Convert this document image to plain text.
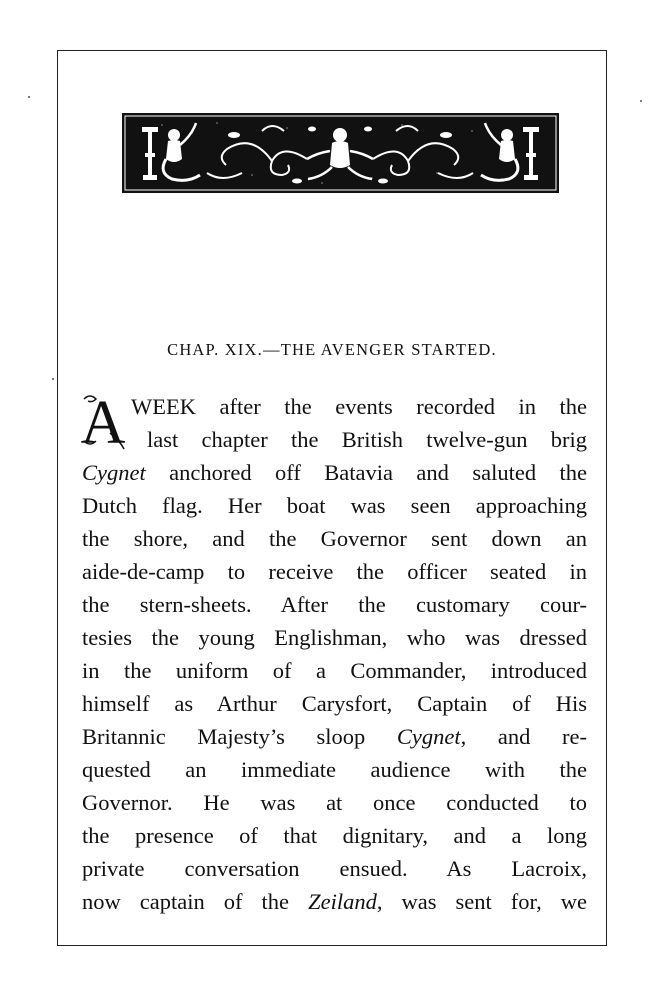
CHAP. XIX.—THE AVENGER STARTED.
A WEEK after the events recorded in the
last chapter the British twelve-gun brig
Cygnet anchored off Batavia and saluted the
Dutch flag. Her boat was seen approaching
the shore, and the Governor sent down an
aide-de-camp to receive the officer seated in
the stern-sheets. After the customary cour-
tesies the young Englishman, who was dressed
in the uniform of a Commander, introduced
himself as Arthur Carysfort, Captain of His
Britannic Majesty’s sloop Cygnet, and re-
quested an immediate audience with the
Governor. He was at once conducted to
the presence of that dignitary, and a long
private conversation ensued. As Lacroix,
now captain of the Zeiland, was sent for, we
